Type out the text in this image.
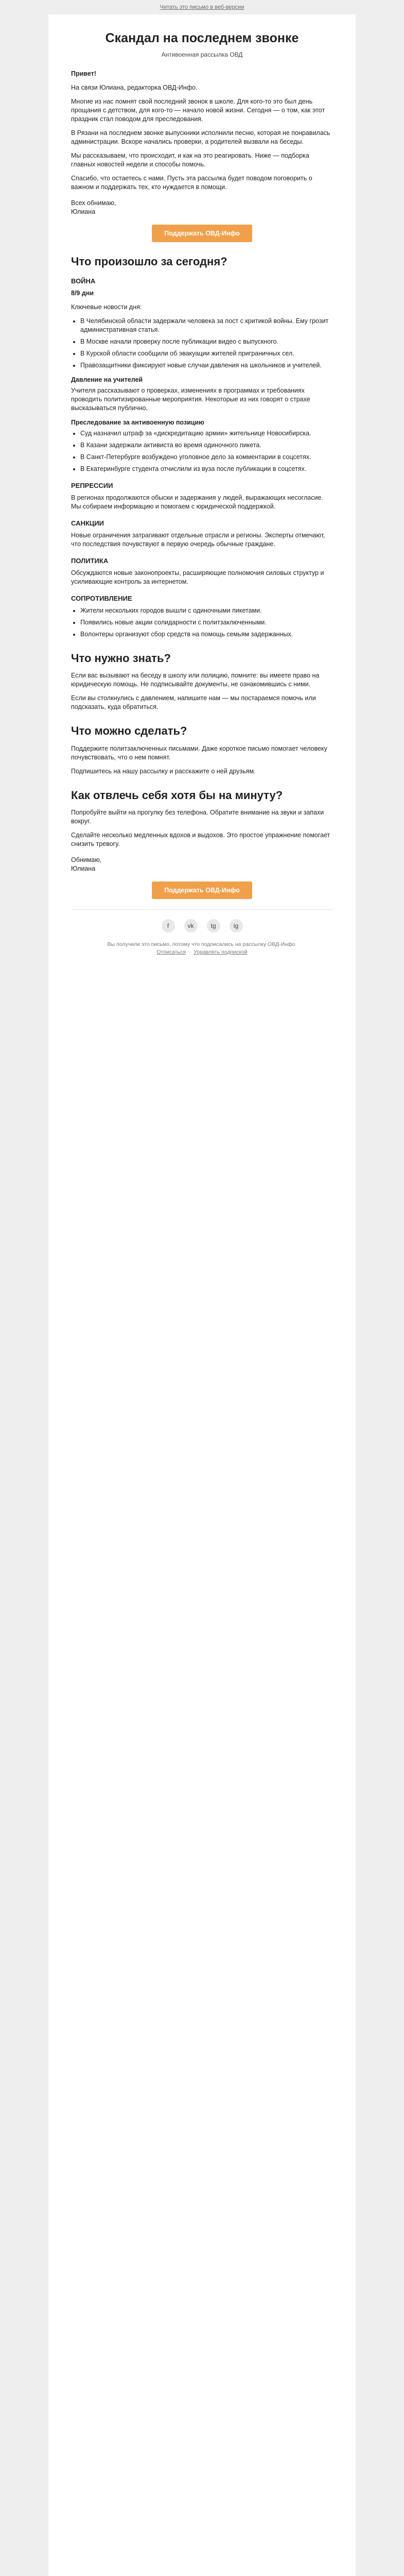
Читать это письмо в веб-версии
Скандал на последнем звонке
Антивоенная рассылка ОВД

Привет!

На связи Юлиана, редакторка ОВД-Инфо.

Многие из нас помнят свой последний звонок в школе. Для кого-то это был день прощания с детством, для кого-то — начало новой жизни. Сегодня — о том, как этот праздник стал поводом для преследования.

В Рязани на последнем звонке выпускники исполнили песню, которая не понравилась администрации. Вскоре начались проверки, а родителей вызвали на беседы.

Мы рассказываем, что происходит, и как на это реагировать. Ниже — подборка главных новостей недели и способы помочь.

Спасибо, что остаетесь с нами. Пусть эта рассылка будет поводом поговорить о важном и поддержать тех, кто нуждается в помощи.

Всех обнимаю,
Юлиана
Поддержать ОВД-Инфо
Что произошло за сегодня?
ВОЙНА

8/9 дни

Ключевые новости дня:

• В Челябинской области задержали человека за пост с критикой войны. Ему грозит административная статья.
• В Москве начали проверку после публикации видео с выпускного.
• В Курской области сообщили об эвакуации жителей приграничных сел.
• Правозащитники фиксируют новые случаи давления на школьников и учителей.
Давление на учителей

Учителя рассказывают о проверках, изменениях в программах и требованиях проводить политизированные мероприятия. Некоторые из них говорят о страхе высказываться публично.

Преследование за антивоенную позицию
• Суд назначил штраф за «дискредитацию армии» жительнице Новосибирска.
• В Казани задержали активиста во время одиночного пикета.
• В Санкт-Петербурге возбуждено уголовное дело за комментарии в соцсетях.
• В Екатеринбурге студента отчислили из вуза после публикации в соцсетях.
РЕПРЕССИИ

В регионах продолжаются обыски и задержания у людей, выражающих несогласие. Мы собираем информацию и помогаем с юридической поддержкой.

САНКЦИИ

Новые ограничения затрагивают отдельные отрасли и регионы. Эксперты отмечают, что последствия почувствуют в первую очередь обычные граждане.

ПОЛИТИКА

Обсуждаются новые законопроекты, расширяющие полномочия силовых структур и усиливающие контроль за интернетом.

СОПРОТИВЛЕНИЕ
• Жители нескольких городов вышли с одиночными пикетами.
• Появились новые акции солидарности с политзаключенными.
• Волонтеры организуют сбор средств на помощь семьям задержанных.
Что нужно знать?

Если вас вызывают на беседу в школу или полицию, помните: вы имеете право на юридическую помощь. Не подписывайте документы, не ознакомившись с ними.

Если вы столкнулись с давлением, напишите нам — мы постараемся помочь или подсказать, куда обратиться.

Что можно сделать?

Поддержите политзаключенных письмами. Даже короткое письмо помогает человеку почувствовать, что о нем помнят.

Подпишитесь на нашу рассылку и расскажите о ней друзьям.

Как отвлечь себя хотя бы на минуту?

Попробуйте выйти на прогулку без телефона. Обратите внимание на звуки и запахи вокруг.

Сделайте несколько медленных вдохов и выдохов. Это простое упражнение помогает снизить тревогу.

Обнимаю,
Юлиана
Поддержать ОВД-Инфо
f	vk	tg	ig
Вы получили это письмо, потому что подписались на рассылку ОВД-Инфо.
Отписаться  ·  Управлять подпиской
